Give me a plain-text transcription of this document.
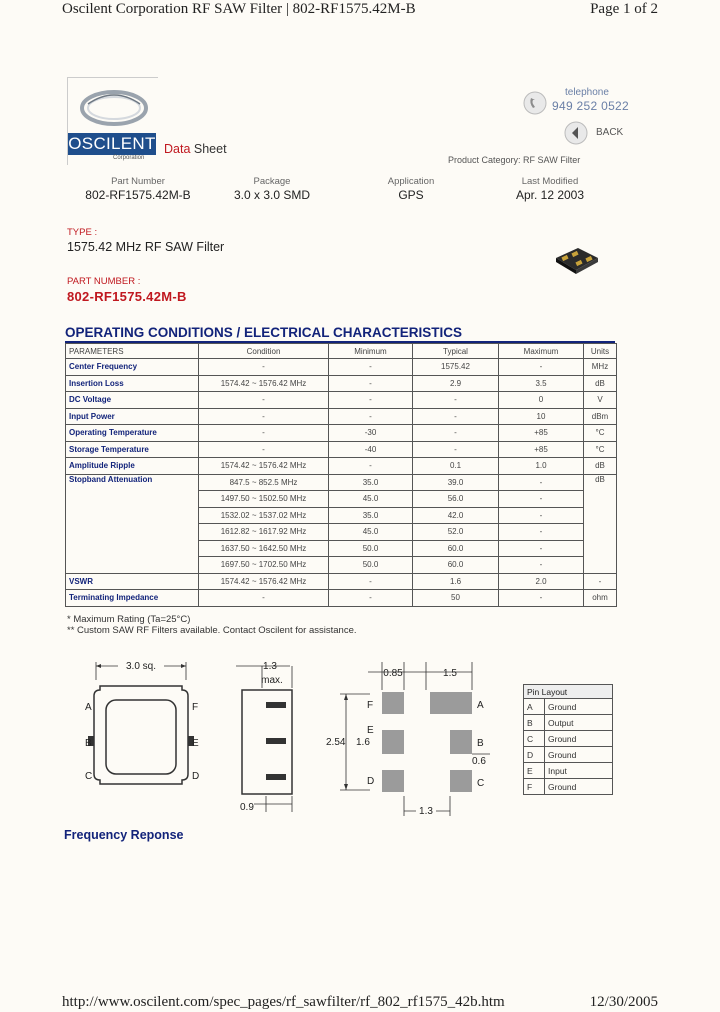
Oscilent Corporation RF SAW Filter | 802-RF1575.42M-B	Page 1 of 2
OSCILENT
Corporation
Data Sheet
telephone
949 252 0522
BACK
Product Category: RF SAW Filter
Part Number
802-RF1575.42M-B
Package
3.0 x 3.0 SMD
Application
GPS
Last Modified
Apr. 12 2003
TYPE :
1575.42 MHz RF SAW Filter
PART NUMBER :
802-RF1575.42M-B
OPERATING CONDITIONS / ELECTRICAL CHARACTERISTICS
PARAMETERS	Condition	Minimum	Typical	Maximum	Units
Center Frequency	-	-	1575.42	-	MHz
Insertion Loss	1574.42 ~ 1576.42 MHz	-	2.9	3.5	dB
DC Voltage	-	-	-	0	V
Input Power	-	-	-	10	dBm
Operating Temperature	-	-30	-	+85	°C
Storage Temperature	-	-40	-	+85	°C
Amplitude Ripple	1574.42 ~ 1576.42 MHz	-	0.1	1.0	dB
Stopband Attenuation	847.5 ~ 852.5 MHz	35.0	39.0	-	dB
	1497.50 ~ 1502.50 MHz	45.0	56.0	-	
	1532.02 ~ 1537.02 MHz	35.0	42.0	-	
	1612.82 ~ 1617.92 MHz	45.0	52.0	-	
	1637.50 ~ 1642.50 MHz	50.0	60.0	-	
	1697.50 ~ 1702.50 MHz	50.0	60.0	-	
VSWR	1574.42 ~ 1576.42 MHz	-	1.6	2.0	-
Terminating Impedance	-	-	50	-	ohm
* Maximum Rating (Ta=25°C)
** Custom SAW RF Filters available. Contact Oscilent for assistance.
3.0 sq.
A
B
C
F
E
D
1.3
max.
0.9
0.85	1.5
2.54 1.6
F
E
D
A
B
C
0.6
1.3
Pin Layout	
A	Ground
B	Output
C	Ground
D	Ground
E	Input
F	Ground
Frequency Reponse
http://www.oscilent.com/spec_pages/rf_sawfilter/rf_802_rf1575_42b.htm	12/30/2005
